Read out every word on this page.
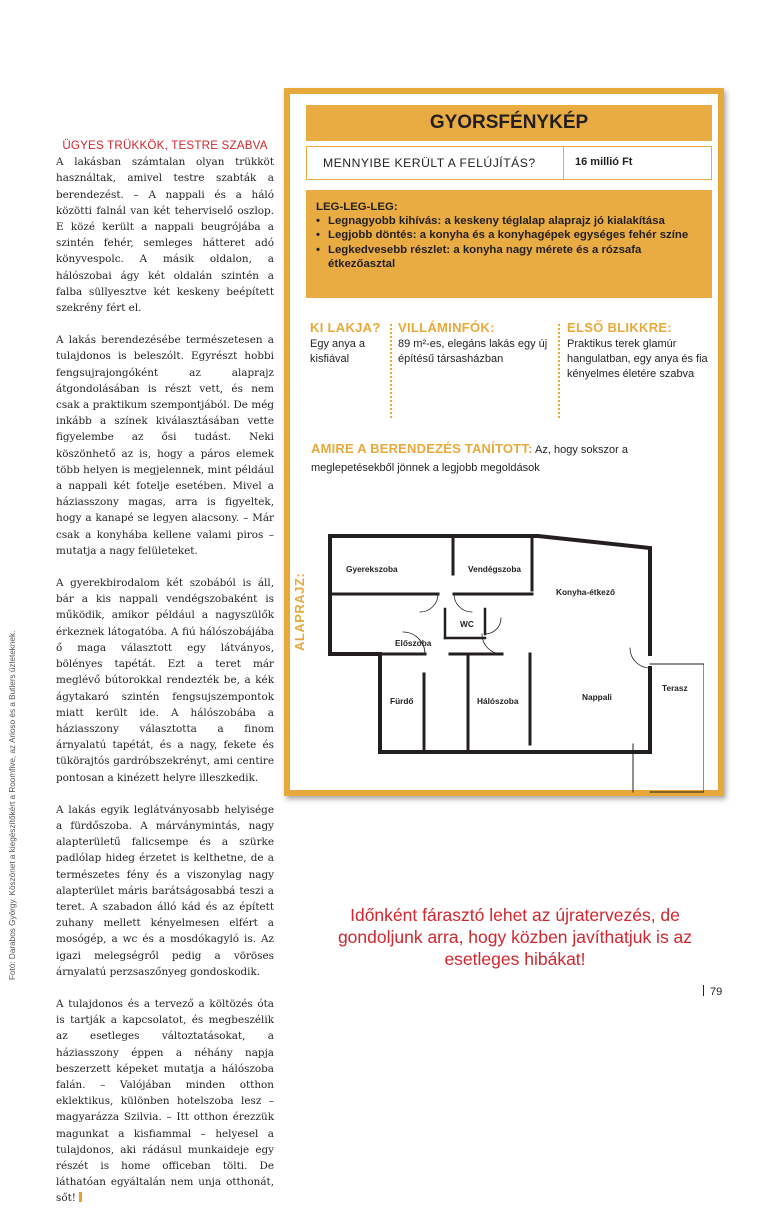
Fotó: Darabos György. Köszönet a kiegészítőkért a Roomfive, az Arioso és a Butlers üzleteknek.
ÜGYES TRÜKKÖK, TESTRE SZABVA

A lakásban számtalan olyan trükköt használtak, amivel testre szabták a berendezést. – A nappali és a háló közötti falnál van két teherviselő oszlop. E közé került a nappali beugrójába a szintén fehér, semleges hátteret adó könyvespolc. A másik oldalon, a hálószobai ágy két oldalán szintén a falba süllyesztve két keskeny beépített szekrény fért el.

A lakás berendezésébe természetesen a tulajdonos is beleszólt. Egyrészt hobbi fengsujrajongóként az alaprajz átgondolásában is részt vett, és nem csak a praktikum szempontjából. De még inkább a színek kiválasztásában vette figyelembe az ősi tudást. Neki köszönhető az is, hogy a páros elemek több helyen is megjelennek, mint például a nappali két fotelje esetében. Mivel a háziasszony magas, arra is figyeltek, hogy a kanapé se legyen alacsony. – Már csak a konyhába kellene valami piros – mutatja a nagy felületeket.

A gyerekbirodalom két szobából is áll, bár a kis nappali vendégszobaként is működik, amikor például a nagyszülők érkeznek látogatóba. A fiú hálószobájába ő maga választott egy látványos, bölényes tapétát. Ezt a teret már meglévő bútorokkal rendezték be, a kék ágytakaró szintén fengsujszempontok miatt került ide. A hálószobába a háziasszony választotta a finom árnyalatú tapétát, és a nagy, fekete és tükörajtós gardróbszekrényt, ami centire pontosan a kinézett helyre illeszkedik.

A lakás egyik leglátványosabb helyisége a fürdőszoba. A márványmintás, nagy alapterületű falicsempe és a szürke padlólap hideg érzetet is kelthetne, de a természetes fény és a viszonylag nagy alapterület máris barátságosabbá teszi a teret. A szabadon álló kád és az épített zuhany mellett kényelmesen elfért a mosógép, a wc és a mosdókagyló is. Az igazi melegségről pedig a vöröses árnyalatú perzsaszőnyeg gondoskodik.

A tulajdonos és a tervező a költözés óta is tartják a kapcsolatot, és megbeszélik az esetleges változtatásokat, a háziasszony éppen a néhány napja beszerzett képeket mutatja a hálószoba falán. – Valójában minden otthon eklektikus, különben hotelszoba lesz – magyarázza Szilvia. – Itt otthon érezzük magunkat a kisfiammal – helyesel a tulajdonos, aki rádásul munkaideje egy részét is home officeban tölti. De láthatóan egyáltalán nem unja otthonát, sőt!

GYORSFÉNYKÉP
MENNYIBE KERÜLT A FELÚJÍTÁS?	16 millió Ft
LEG-LEG-LEG:
• Legnagyobb kihívás: a keskeny téglalap alaprajz jó kialakítása
• Legjobb döntés: a konyha és a konyhagépek egységes fehér színe
• Legkedvesebb részlet: a konyha nagy mérete és a rózsafa étkezőasztal
KI LAKJA?
Egy anya a kisfiával
VILLÁMINFÓK:
89 m²-es, elegáns lakás egy új építésű társasházban
ELSŐ BLIKKRE:
Praktikus terek glamúr hangulatban, egy anya és fia kényelmes életére szabva
AMIRE A BERENDEZÉS TANÍTOTT: Az, hogy sokszor a meglepetésekből jönnek a legjobb megoldások
ALAPRAJZ:
Gyerekszoba	Vendégszoba
Konyha-étkező
WC
Előszoba
Fürdő	Hálószoba	Nappali
Terasz
Időnként fárasztó lehet az újratervezés, de gondoljunk arra, hogy közben javíthatjuk is az esetleges hibákat!
79
